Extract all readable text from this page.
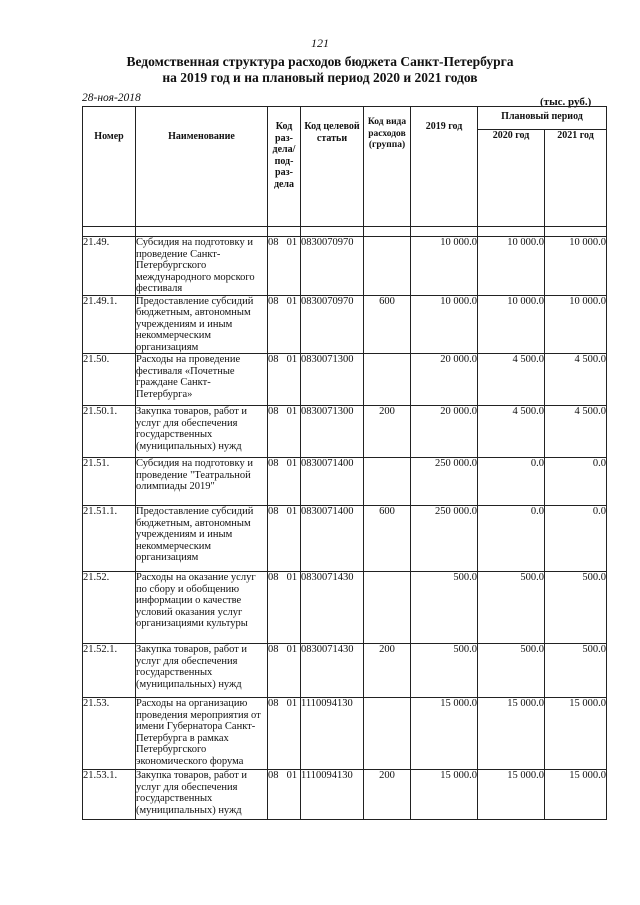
121
Ведомственная структура расходов бюджета Санкт-Петербурга
на 2019 год и на плановый период 2020 и 2021 годов
28-ноя-2018	(тыс. руб.)
Номер	Наименование	Код раз-дела/ под-раз-дела	Код целевой статьи	Код вида расходов (группа)	2019 год	Плановый период	
						2020 год	2021 год

21.49.	Субсидия на подготовку и проведение Санкт-Петербургского международного морского фестиваля	08 01	0830070970		10 000.0	10 000.0	10 000.0
21.49.1.	Предоставление субсидий бюджетным, автономным учреждениям и иным некоммерческим организациям	08 01	0830070970	600	10 000.0	10 000.0	10 000.0
21.50.	Расходы на проведение фестиваля «Почетные граждане Санкт-Петербурга»	08 01	0830071300		20 000.0	4 500.0	4 500.0
21.50.1.	Закупка товаров, работ и услуг для обеспечения государственных (муниципальных) нужд	08 01	0830071300	200	20 000.0	4 500.0	4 500.0
21.51.	Субсидия на подготовку и проведение "Театральной олимпиады 2019"	08 01	0830071400		250 000.0	0.0	0.0
21.51.1.	Предоставление субсидий бюджетным, автономным учреждениям и иным некоммерческим организациям	08 01	0830071400	600	250 000.0	0.0	0.0
21.52.	Расходы на оказание услуг по сбору и обобщению информации о качестве условий оказания услуг организациями культуры	08 01	0830071430		500.0	500.0	500.0
21.52.1.	Закупка товаров, работ и услуг для обеспечения государственных (муниципальных) нужд	08 01	0830071430	200	500.0	500.0	500.0
21.53.	Расходы на организацию проведения мероприятия от имени Губернатора Санкт-Петербурга в рамках Петербургского экономического форума	08 01	1110094130		15 000.0	15 000.0	15 000.0
21.53.1.	Закупка товаров, работ и услуг для обеспечения государственных (муниципальных) нужд	08 01	1110094130	200	15 000.0	15 000.0	15 000.0
